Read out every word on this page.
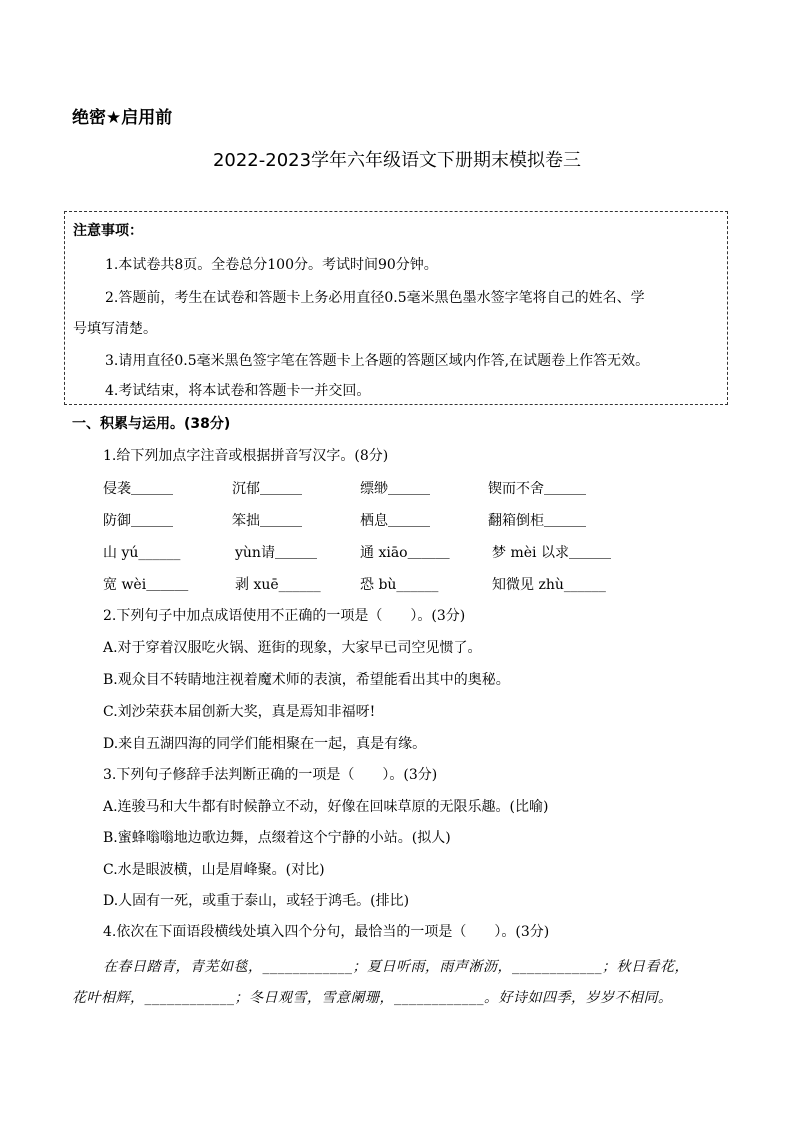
绝密★启用前
2022-2023学年六年级语文下册期末模拟卷三
注意事项：
1.本试卷共8页。全卷总分100分。考试时间90分钟。
2.答题前，考生在试卷和答题卡上务必用直径0.5毫米黑色墨水签字笔将自己的姓名、学
号填写清楚。
3.请用直径0.5毫米黑色签字笔在答题卡上各题的答题区域内作答,在试题卷上作答无效。
4.考试结束，将本试卷和答题卡一并交回。
一、积累与运用。(38分)
1.给下列加点字注音或根据拼音写汉字。(8分)
侵袭＿＿＿	沉郁＿＿＿	缥缈＿＿＿	锲而不舍＿＿＿
防御＿＿＿	笨拙＿＿＿	栖息＿＿＿	翻箱倒柜＿＿＿
山 yú______	yùn请＿＿＿	通 xiāo＿＿＿	梦 mèi 以求＿＿＿
宽 wèi＿＿＿	剥 xuē______	恐 bù______	知微见 zhù______
2.下列句子中加点成语使用不正确的一项是（　　）。(3分)
A.对于穿着汉服吃火锅、逛街的现象，大家早已司空见惯了。
B.观众目不转睛地注视着魔术师的表演，希望能看出其中的奥秘。
C.刘沙荣获本届创新大奖，真是焉知非福呀!
D.来自五湖四海的同学们能相聚在一起，真是有缘。
3.下列句子修辞手法判断正确的一项是（　　）。(3分)
A.连骏马和大牛都有时候静立不动，好像在回味草原的无限乐趣。(比喻)
B.蜜蜂嗡嗡地边歌边舞，点缀着这个宁静的小站。(拟人)
C.水是眼波横，山是眉峰聚。(对比)
D.人固有一死，或重于泰山，或轻于鸿毛。(排比)
4.依次在下面语段横线处填入四个分句，最恰当的一项是（　　）。(3分)
在春日踏青，青芜如毯，____________；夏日听雨，雨声淅沥，____________；秋日看花，
花叶相辉，____________；冬日观雪，雪意阑珊，____________。好诗如四季，岁岁不相同。
